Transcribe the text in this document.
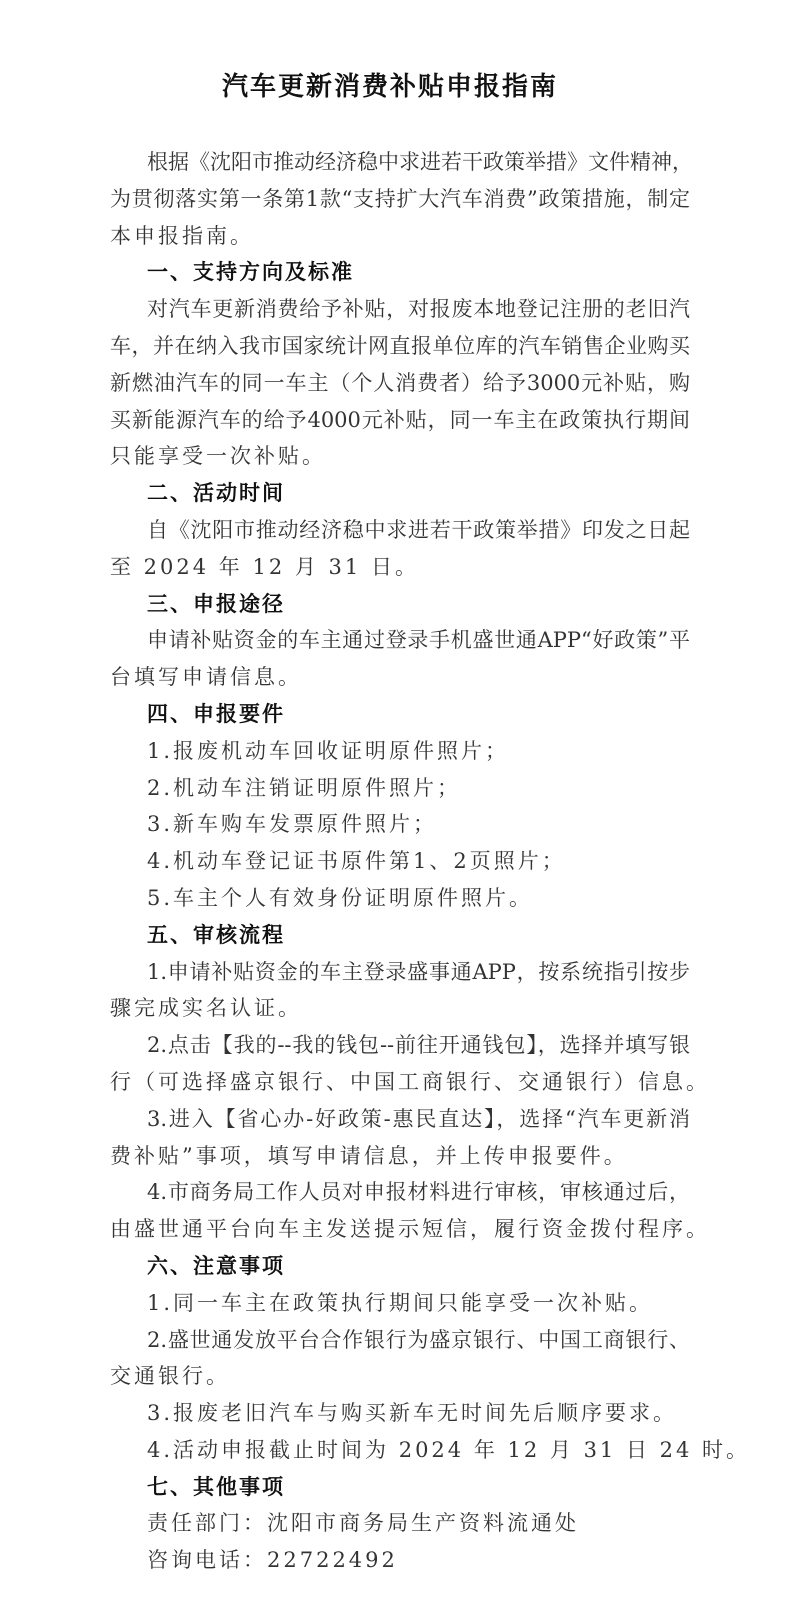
汽车更新消费补贴申报指南
根据《沈阳市推动经济稳中求进若干政策举措》文件精神，
为贯彻落实第一条第1款“支持扩大汽车消费”政策措施，制定
本申报指南。
一、支持方向及标准
对汽车更新消费给予补贴，对报废本地登记注册的老旧汽
车，并在纳入我市国家统计网直报单位库的汽车销售企业购买
新燃油汽车的同一车主（个人消费者）给予3000元补贴，购
买新能源汽车的给予4000元补贴，同一车主在政策执行期间
只能享受一次补贴。
二、活动时间
自《沈阳市推动经济稳中求进若干政策举措》印发之日起
至 2024 年 12 月 31 日。
三、申报途径
申请补贴资金的车主通过登录手机盛世通APP“好政策”平
台填写申请信息。
四、申报要件
1.报废机动车回收证明原件照片；
2.机动车注销证明原件照片；
3.新车购车发票原件照片；
4.机动车登记证书原件第1、2页照片；
5.车主个人有效身份证明原件照片。
五、审核流程
1.申请补贴资金的车主登录盛事通APP，按系统指引按步
骤完成实名认证。
2.点击【我的--我的钱包--前往开通钱包】，选择并填写银
行（可选择盛京银行、中国工商银行、交通银行）信息。
3.进入【省心办-好政策-惠民直达】，选择“汽车更新消
费补贴”事项，填写申请信息，并上传申报要件。
4.市商务局工作人员对申报材料进行审核，审核通过后，
由盛世通平台向车主发送提示短信，履行资金拨付程序。
六、注意事项
1.同一车主在政策执行期间只能享受一次补贴。
2.盛世通发放平台合作银行为盛京银行、中国工商银行、
交通银行。
3.报废老旧汽车与购买新车无时间先后顺序要求。
4.活动申报截止时间为 2024 年 12 月 31 日 24 时。
七、其他事项
责任部门：沈阳市商务局生产资料流通处
咨询电话：22722492
